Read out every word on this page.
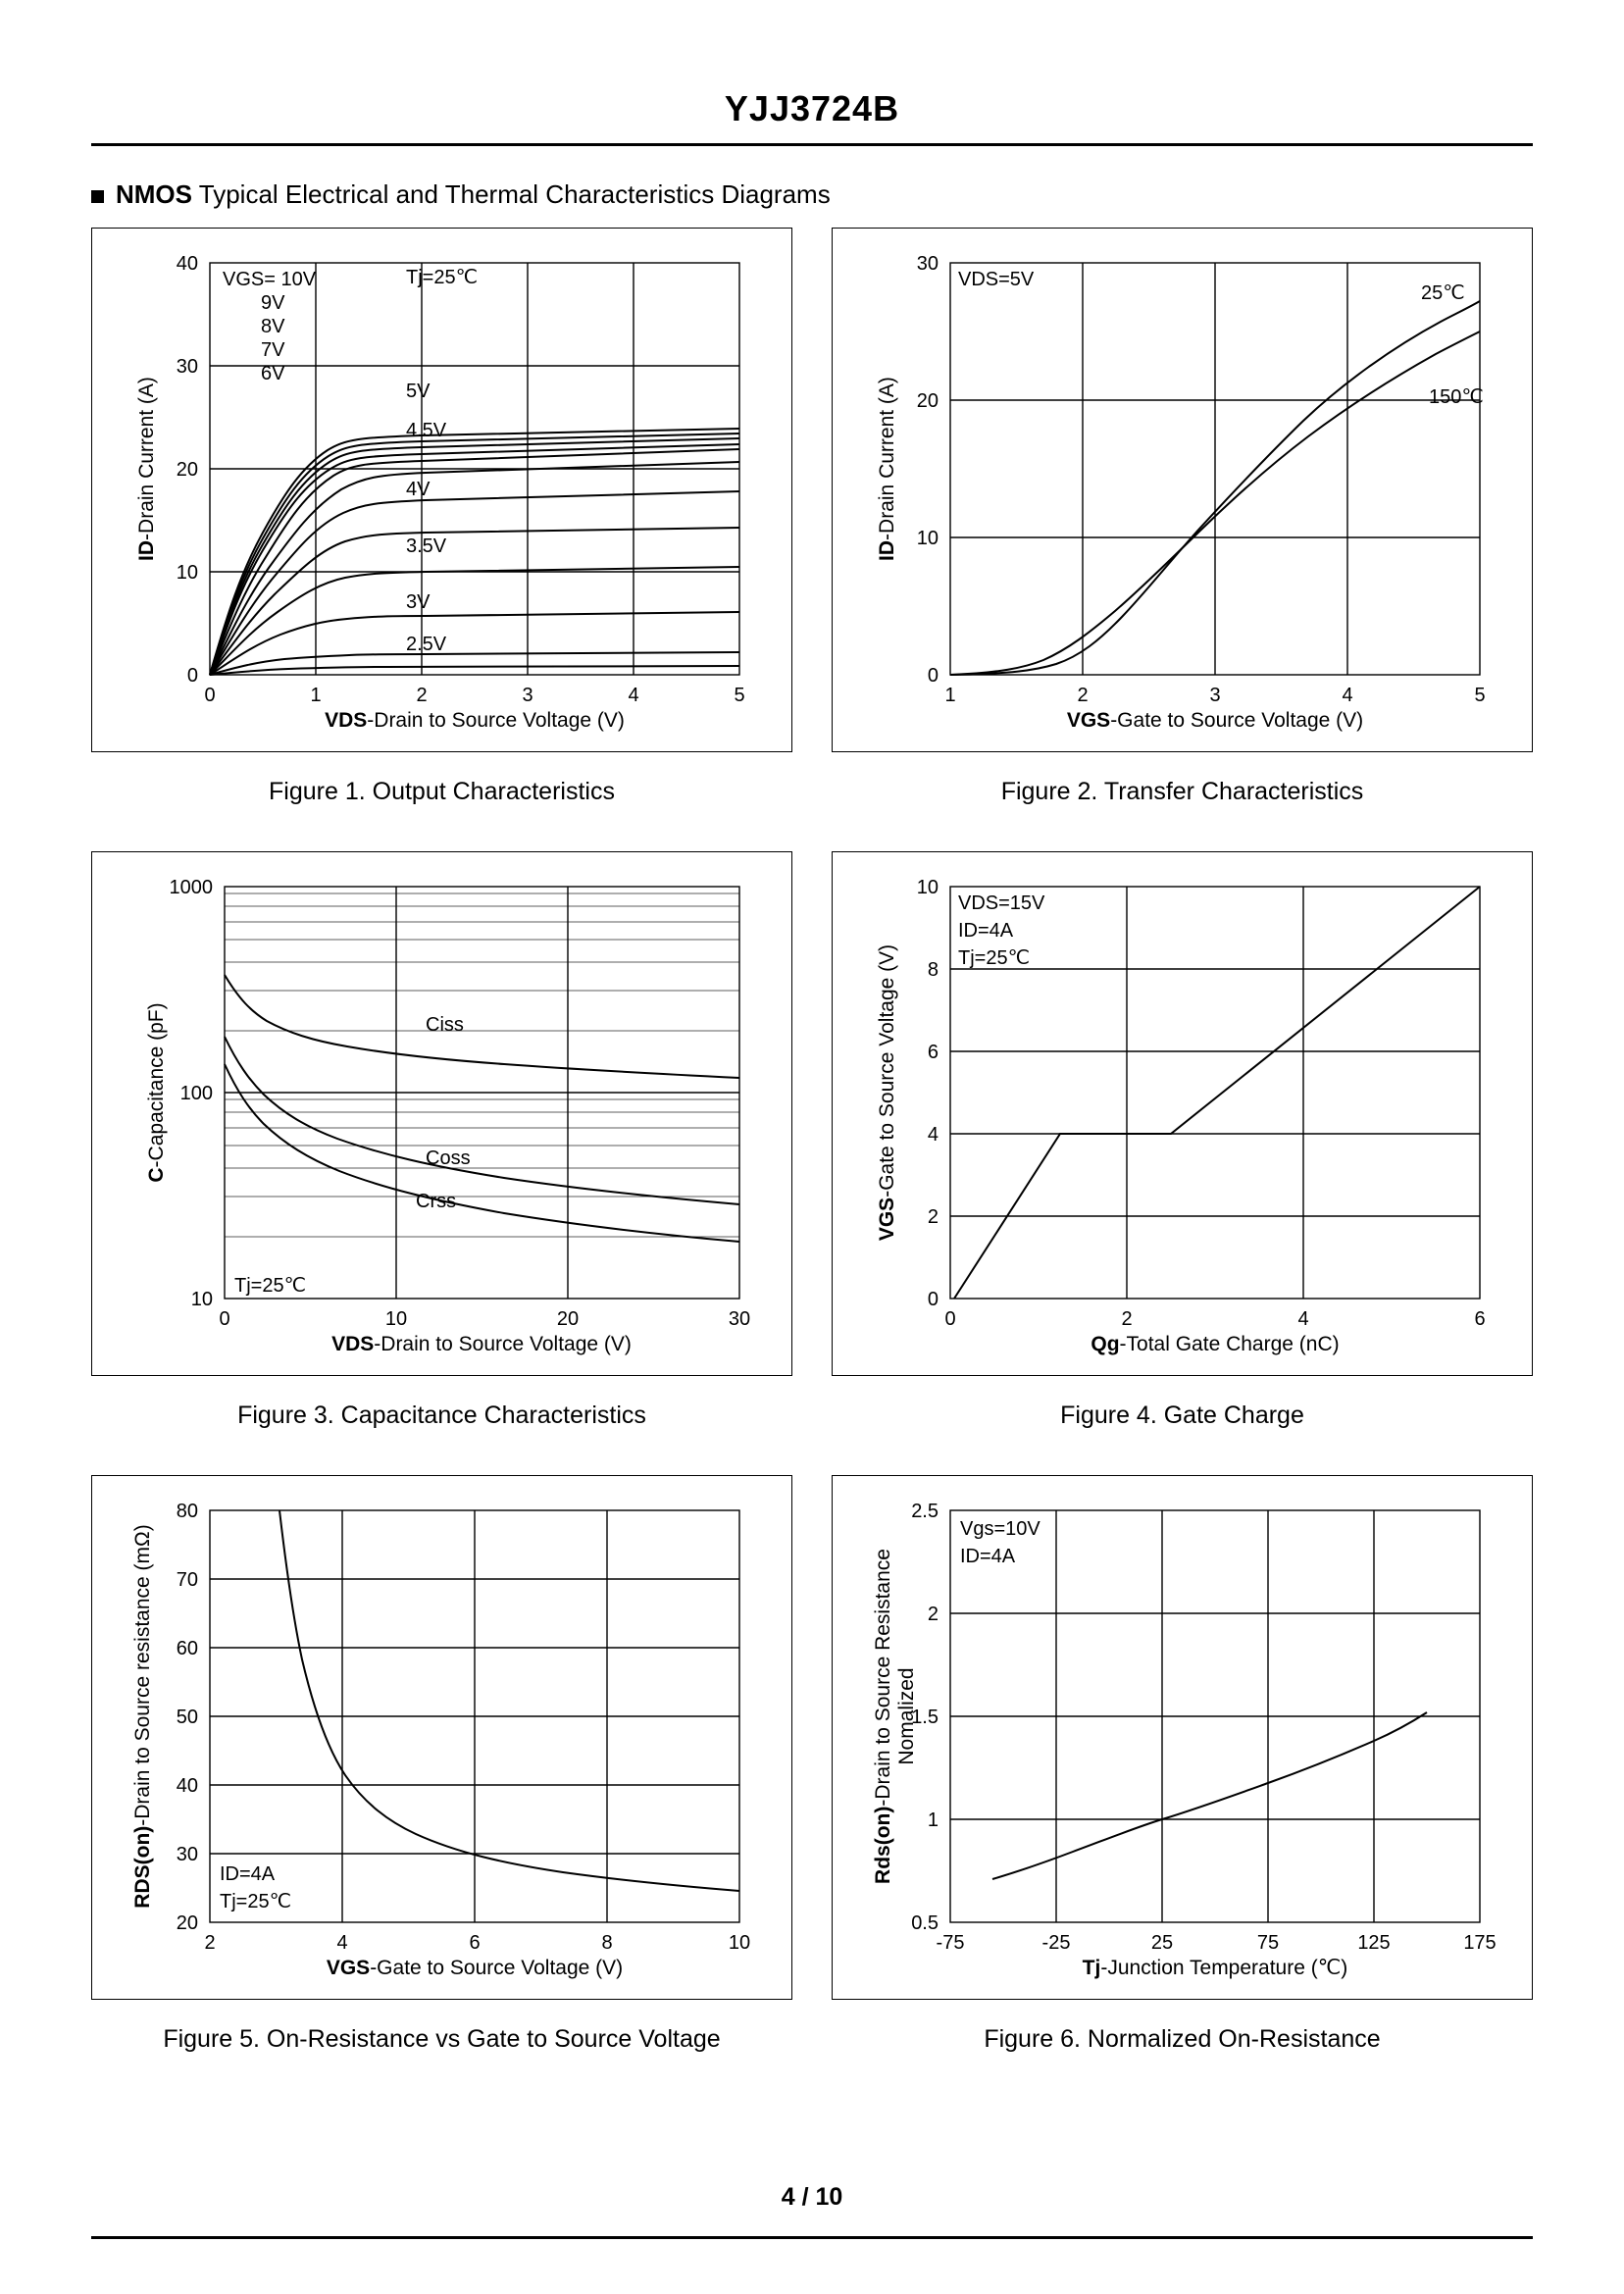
YJJ3724B
NMOS Typical Electrical and Thermal Characteristics Diagrams
0	1	2	3	4	5
0
10
20
30
40
VGS= 10V
9V
8V
7V
6V
Tj=25℃
5V
4.5V
4V
3.5V
3V
2.5V
VDS-Drain to Source Voltage (V)
ID-Drain Current (A)
Figure 1. Output Characteristics
1	2	3	4	5
0
10
20
30
VDS=5V
25℃
150℃
VGS-Gate to Source Voltage (V)
ID-Drain Current (A)
Figure 2. Transfer Characteristics
0	10	20	30
10
100
1000
Ciss
Coss
Crss
Tj=25℃
VDS-Drain to Source Voltage (V)
C-Capacitance (pF)
Figure 3. Capacitance Characteristics
0	2	4	6
0
2
4
6
8
10
VDS=15V
ID=4A
Tj=25℃
Qg-Total Gate Charge (nC)
VGS-Gate to Source Voltage (V)
Figure 4. Gate Charge
2	4	6	8	10
20
30
40
50
60
70
80
ID=4A
Tj=25℃
VGS-Gate to Source Voltage (V)
RDS(on)-Drain to Source resistance (mΩ)
Figure 5. On-Resistance vs Gate to Source Voltage
-75	-25	25	75	125	175
0.5
1
1.5
2
2.5
Vgs=10V
ID=4A
Tj-Junction Temperature (℃)
Rds(on)-Drain to Source Resistance Nomalized
Figure 6. Normalized On-Resistance
4 / 10
